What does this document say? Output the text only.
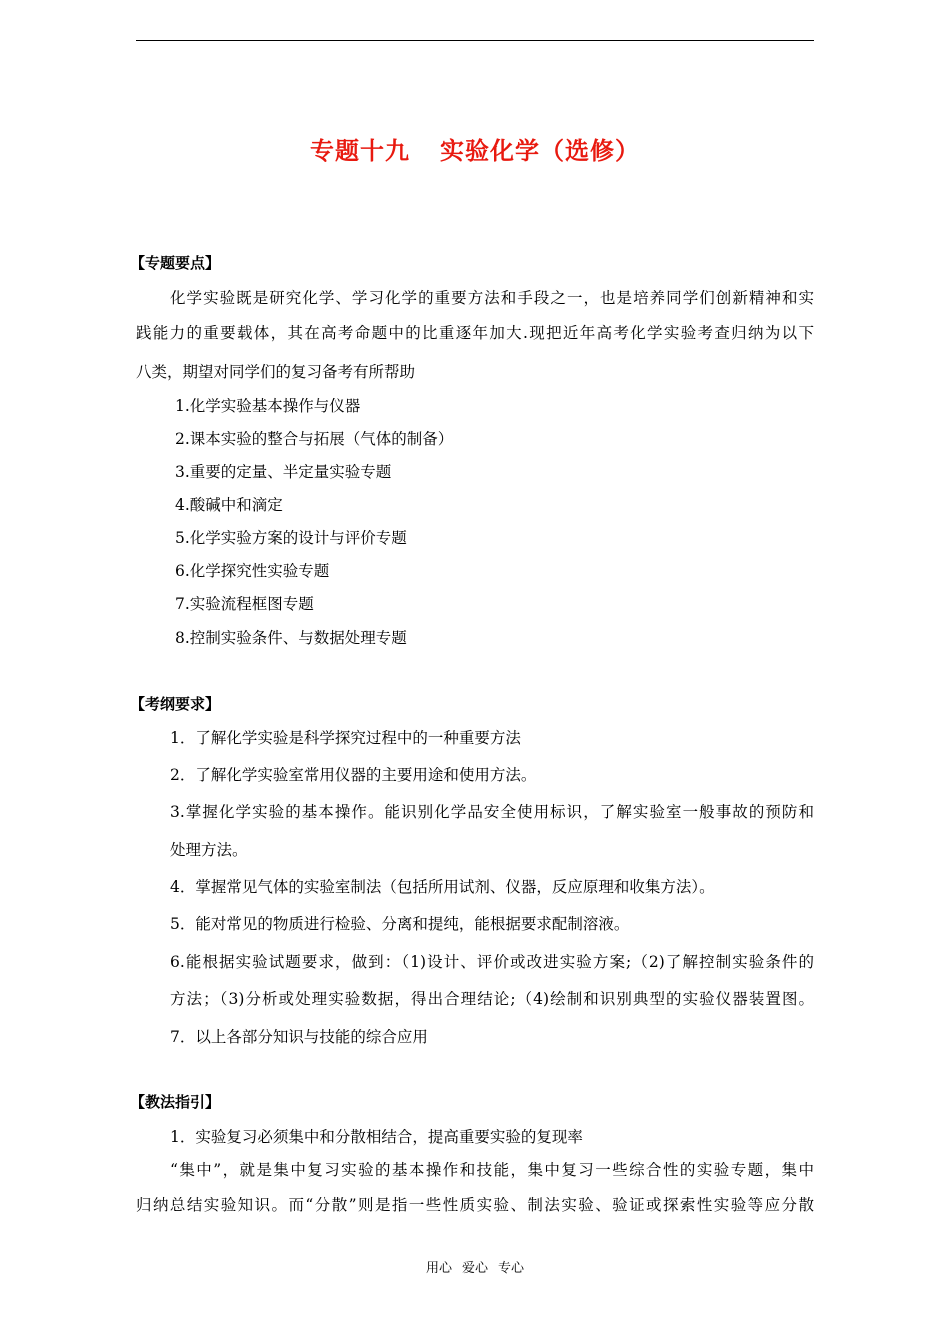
专题十九 实验化学（选修）
【专题要点】
化学实验既是研究化学、学习化学的重要方法和手段之一，也是培养同学们创新精神和实
践能力的重要载体，其在高考命题中的比重逐年加大.现把近年高考化学实验考查归纳为以下
八类，期望对同学们的复习备考有所帮助
1.化学实验基本操作与仪器
2.课本实验的整合与拓展（气体的制备）
3.重要的定量、半定量实验专题
4.酸碱中和滴定
5.化学实验方案的设计与评价专题
6.化学探究性实验专题
7.实验流程框图专题
8.控制实验条件、与数据处理专题
【考纲要求】
1．了解化学实验是科学探究过程中的一种重要方法
2．了解化学实验室常用仪器的主要用途和使用方法。
3.掌握化学实验的基本操作。能识别化学品安全使用标识，了解实验室一般事故的预防和
处理方法。
4．掌握常见气体的实验室制法（包括所用试剂、仪器，反应原理和收集方法）。
5．能对常见的物质进行检验、分离和提纯，能根据要求配制溶液。
6.能根据实验试题要求，做到：（1)设计、评价或改进实验方案;（2)了解控制实验条件的
方法；（3)分析或处理实验数据，得出合理结论;（4)绘制和识别典型的实验仪器装置图。
7．以上各部分知识与技能的综合应用
【教法指引】
1．实验复习必须集中和分散相结合，提高重要实验的复现率
“集中”，就是集中复习实验的基本操作和技能，集中复习一些综合性的实验专题，集中
归纳总结实验知识。而“分散”则是指一些性质实验、制法实验、验证或探索性实验等应分散
用心 爱心 专心
